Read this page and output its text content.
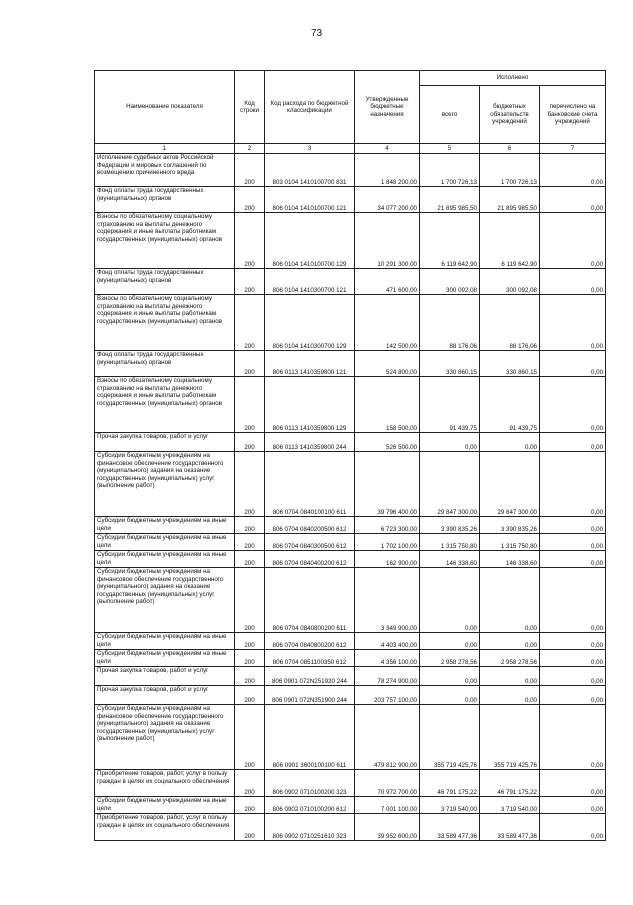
73
Наименование показателя	Код строки	Код расхода по бюджетной классификации	Утвержденные бюджетные назначения	Исполнено		
				всего	бюджетных обязательств учреждений	перечислено на банковские счета учреждений
1	2	3	4	5	6	7
Исполнение судебных актов Российской Федерации и мировых соглашений по возмещению причиненного вреда	200	803 0104 1410100700 831	1 848 200,00	1 700 726,13	1 700 726,13	0,00
Фонд оплаты труда государственных (муниципальных) органов	200	806 0104 1410100700 121	34 077 200,00	21 895 985,50	21 895 985,50	0,00
Взносы по обязательному социальному страхованию на выплаты денежного содержания и иные выплаты работникам государственных (муниципальных) органов	200	806 0104 1410100700 129	10 291 300,00	6 119 642,90	6 119 642,90	0,00
Фонд оплаты труда государственных (муниципальных) органов	200	806 0104 1410300700 121	471 600,00	300 092,08	300 092,08	0,00
Взносы по обязательному социальному страхованию на выплаты денежного содержания и иные выплаты работникам государственных (муниципальных) органов	200	806 0104 1410300700 129	142 500,00	88 176,06	88 176,06	0,00
Фонд оплаты труда государственных (муниципальных) органов	200	806 0113 1410359800 121	524 800,00	330 860,15	330 860,15	0,00
Взносы по обязательному социальному страхованию на выплаты денежного содержания и иные выплаты работникам государственных (муниципальных) органов	200	806 0113 1410359800 129	158 500,00	91 439,75	91 439,75	0,00
Прочая закупка товаров, работ и услуг	200	806 0113 1410359800 244	526 500,00	0,00	0,00	0,00
Субсидии бюджетным учреждениям на финансовое обеспечение государственного (муниципального) задания на оказание государственных (муниципальных) услуг (выполнение работ)	200	806 0704 0840100100 611	39 796 400,00	29 847 300,00	29 847 300,00	0,00
Субсидии бюджетным учреждениям на иные цели	200	806 0704 0840200500 612	6 723 300,00	3 390 835,26	3 390 835,26	0,00
Субсидии бюджетным учреждениям на иные цели	200	806 0704 0840300500 612	1 702 100,00	1 315 750,80	1 315 750,80	0,00
Субсидии бюджетным учреждениям на иные цели	200	806 0704 0840400200 612	162 900,00	146 338,60	146 338,60	0,00
Субсидии бюджетным учреждениям на финансовое обеспечение государственного (муниципального) задания на оказание государственных (муниципальных) услуг (выполнение работ)	200	806 0704 0840800200 611	3 349 900,00	0,00	0,00	0,00
Субсидии бюджетным учреждениям на иные цели	200	806 0704 0840800200 612	4 403 400,00	0,00	0,00	0,00
Субсидии бюджетным учреждениям на иные цели	200	806 0704 0851100350 612	4 356 100,00	2 958 278,56	2 958 278,56	0,00
Прочая закупка товаров, работ и услуг	200	806 0901 072N251920 244	78 274 900,00	0,00	0,00	0,00
Прочая закупка товаров, работ и услуг	200	806 0901 072N351900 244	203 757 100,00	0,00	0,00	0,00
Субсидии бюджетным учреждениям на финансовое обеспечение государственного (муниципального) задания на оказание государственных (муниципальных) услуг (выполнение работ)	200	806 0901 3600100100 611	479 812 900,00	355 719 425,76	355 719 425,76	0,00
Приобретение товаров, работ, услуг в пользу граждан в целях их социального обеспечения	200	806 0902 0710100200 323	70 972 700,00	46 791 175,22	46 791 175,22	0,00
Субсидии бюджетным учреждениям на иные цели	200	806 0902 0710100200 612	7 001 100,00	3 719 540,00	3 719 540,00	0,00
Приобретение товаров, работ, услуг в пользу граждан в целях их социального обеспечения	200	806 0902 0710251610 323	39 952 600,00	33 589 477,36	33 589 477,36	0,00
